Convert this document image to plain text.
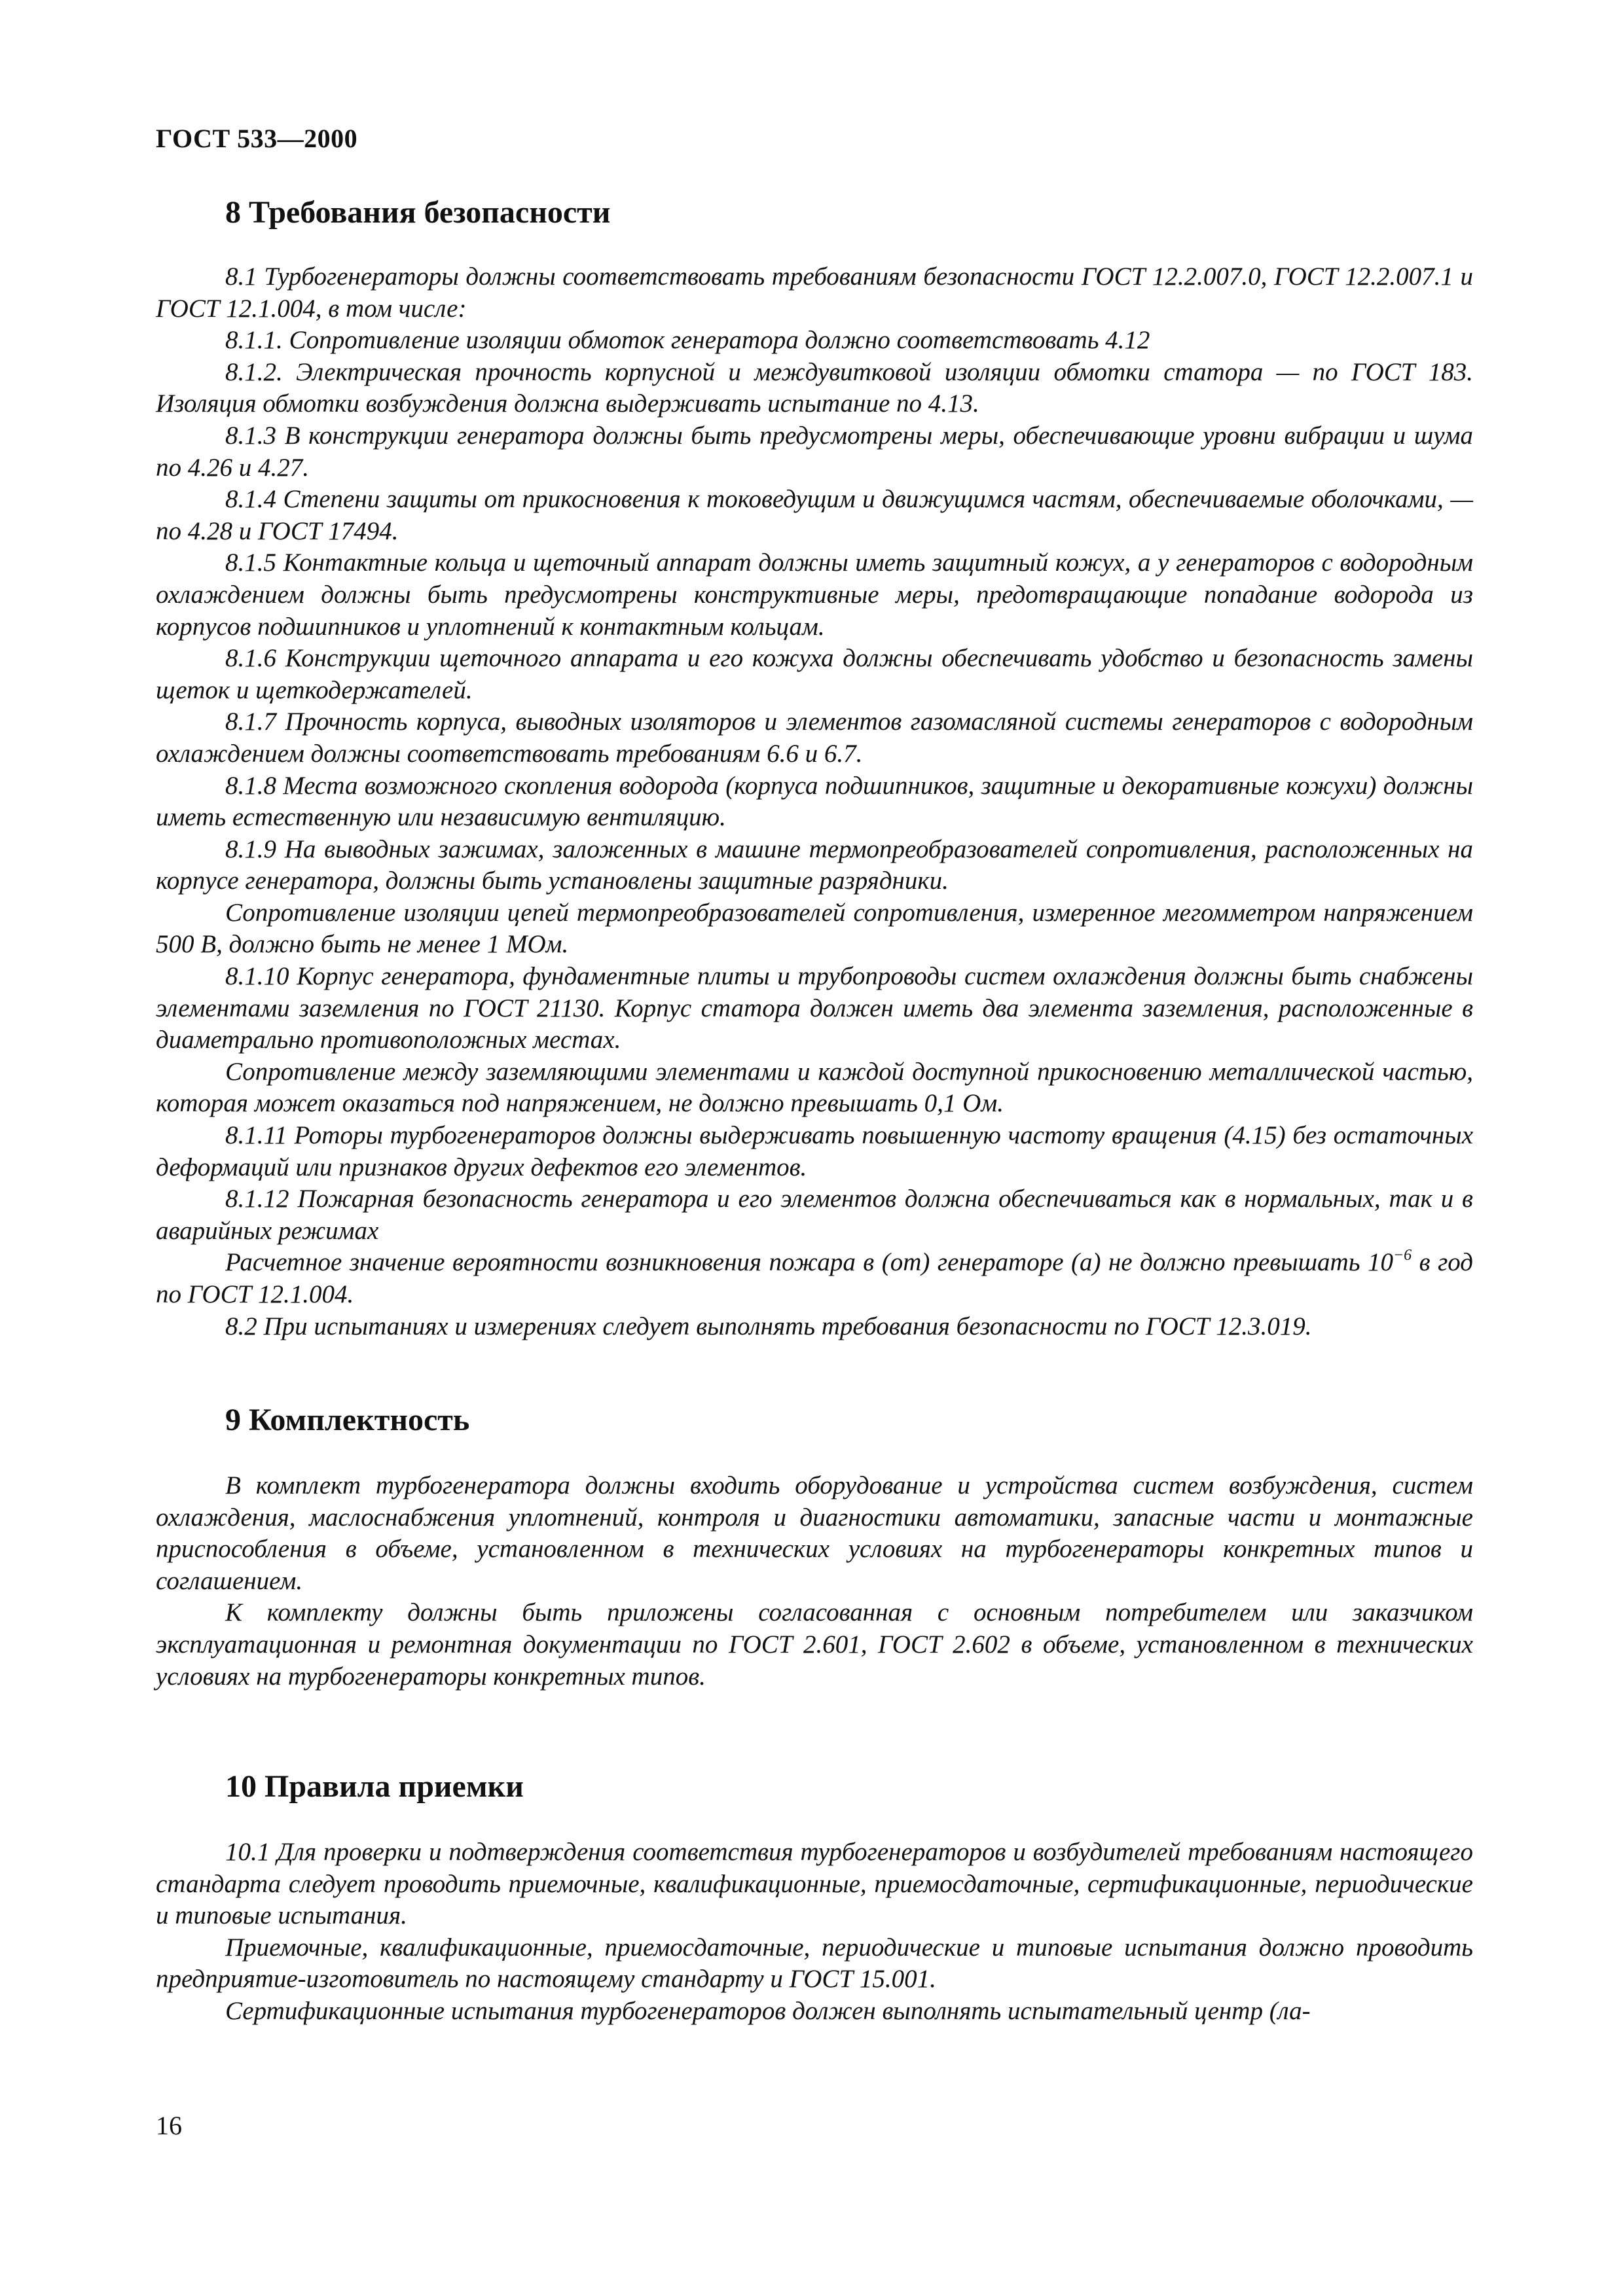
ГОСТ 533—2000
8 Требования безопасности

8.1 Турбогенераторы должны соответствовать требованиям безопасности ГОСТ 12.2.007.0, ГОСТ 12.2.007.1 и ГОСТ 12.1.004, в том числе:

8.1.1. Сопротивление изоляции обмоток генератора должно соответствовать 4.12

8.1.2. Электрическая прочность корпусной и междувитковой изоляции обмотки статора — по ГОСТ 183. Изоляция обмотки возбуждения должна выдерживать испытание по 4.13.

8.1.3 В конструкции генератора должны быть предусмотрены меры, обеспечивающие уровни вибрации и шума по 4.26 и 4.27.

8.1.4 Степени защиты от прикосновения к токоведущим и движущимся частям, обеспечиваемые оболочками, — по 4.28 и ГОСТ 17494.

8.1.5 Контактные кольца и щеточный аппарат должны иметь защитный кожух, а у генераторов с водородным охлаждением должны быть предусмотрены конструктивные меры, предотвращающие попадание водорода из корпусов подшипников и уплотнений к контактным кольцам.

8.1.6 Конструкции щеточного аппарата и его кожуха должны обеспечивать удобство и безопасность замены щеток и щеткодержателей.

8.1.7 Прочность корпуса, выводных изоляторов и элементов газомасляной системы генераторов с водородным охлаждением должны соответствовать требованиям 6.6 и 6.7.

8.1.8 Места возможного скопления водорода (корпуса подшипников, защитные и декоративные кожухи) должны иметь естественную или независимую вентиляцию.

8.1.9 На выводных зажимах, заложенных в машине термопреобразователей сопротивления, расположенных на корпусе генератора, должны быть установлены защитные разрядники.

Сопротивление изоляции цепей термопреобразователей сопротивления, измеренное мегомметром напряжением 500 В, должно быть не менее 1 МОм.

8.1.10 Корпус генератора, фундаментные плиты и трубопроводы систем охлаждения должны быть снабжены элементами заземления по ГОСТ 21130. Корпус статора должен иметь два элемента заземления, расположенные в диаметрально противоположных местах.

Сопротивление между заземляющими элементами и каждой доступной прикосновению металлической частью, которая может оказаться под напряжением, не должно превышать 0,1 Ом.

8.1.11 Роторы турбогенераторов должны выдерживать повышенную частоту вращения (4.15) без остаточных деформаций или признаков других дефектов его элементов.

8.1.12 Пожарная безопасность генератора и его элементов должна обеспечиваться как в нормальных, так и в аварийных режимах

Расчетное значение вероятности возникновения пожара в (от) генераторе (а) не должно превышать $10^{-6}$ в год по ГОСТ 12.1.004.

8.2 При испытаниях и измерениях следует выполнять требования безопасности по ГОСТ 12.3.019.

9 Комплектность

В комплект турбогенератора должны входить оборудование и устройства систем возбуждения, систем охлаждения, маслоснабжения уплотнений, контроля и диагностики автоматики, запасные части и монтажные приспособления в объеме, установленном в технических условиях на турбогенераторы конкретных типов и соглашением.

К комплекту должны быть приложены согласованная с основным потребителем или заказчиком эксплуатационная и ремонтная документации по ГОСТ 2.601, ГОСТ 2.602 в объеме, установленном в технических условиях на турбогенераторы конкретных типов.

10 Правила приемки

10.1 Для проверки и подтверждения соответствия турбогенераторов и возбудителей требованиям настоящего стандарта следует проводить приемочные, квалификационные, приемосдаточные, сертификационные, периодические и типовые испытания.

Приемочные, квалификационные, приемосдаточные, периодические и типовые испытания должно проводить предприятие-изготовитель по настоящему стандарту и ГОСТ 15.001.

Сертификационные испытания турбогенераторов должен выполнять испытательный центр (ла-

16
